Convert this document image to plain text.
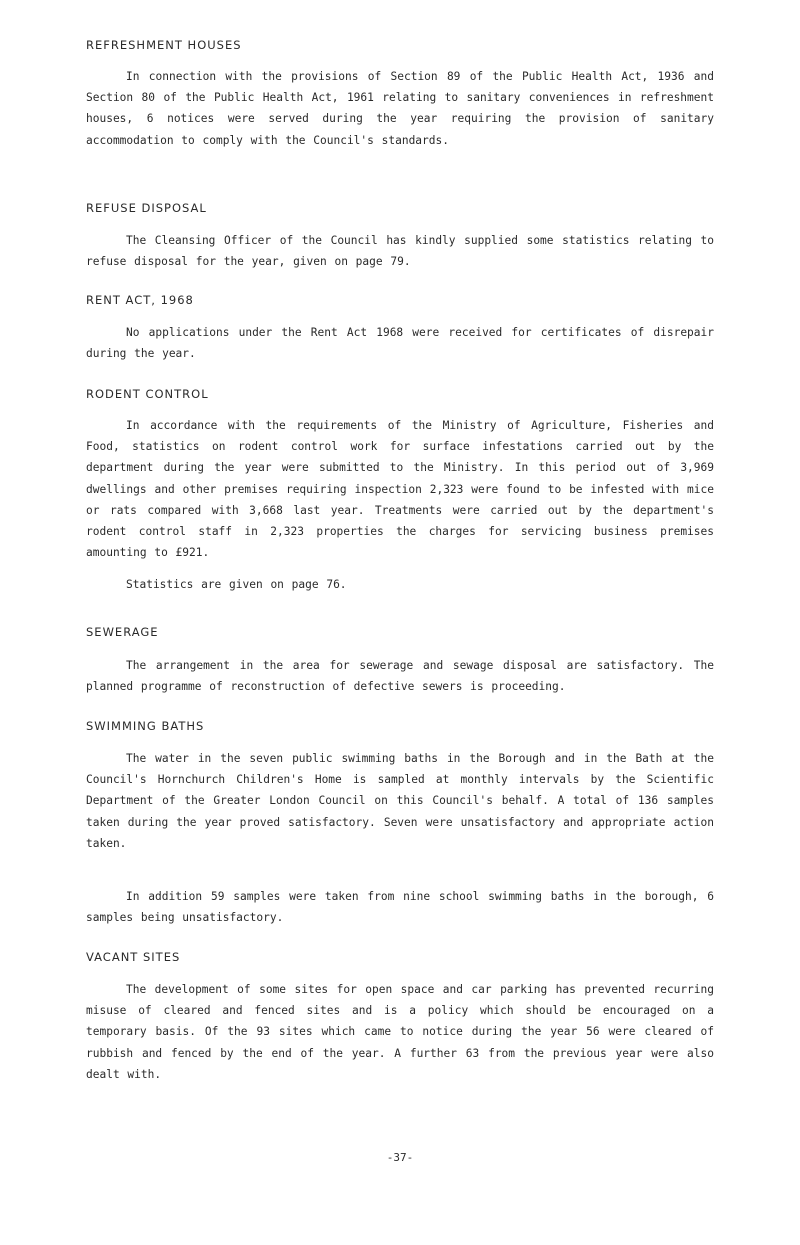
REFRESHMENT HOUSES

In connection with the provisions of Section 89 of the Public Health Act, 1936 and Section 80 of the Public Health Act, 1961 relating to sanitary conveniences in refreshment houses, 6 notices were served during the year requiring the provision of sanitary accommodation to comply with the Council's standards.

REFUSE DISPOSAL

The Cleansing Officer of the Council has kindly supplied some statistics relating to refuse disposal for the year, given on page 79.

RENT ACT, 1968

No applications under the Rent Act 1968 were received for certificates of disrepair during the year.

RODENT CONTROL

In accordance with the requirements of the Ministry of Agriculture, Fisheries and Food, statistics on rodent control work for surface infestations carried out by the department during the year were submitted to the Ministry. In this period out of 3,969 dwellings and other premises requiring inspection 2,323 were found to be infested with mice or rats compared with 3,668 last year. Treatments were carried out by the department's rodent control staff in 2,323 properties the charges for servicing business premises amounting to £921.

Statistics are given on page 76.

SEWERAGE

The arrangement in the area for sewerage and sewage disposal are satisfactory. The planned programme of reconstruction of defective sewers is proceeding.

SWIMMING BATHS

The water in the seven public swimming baths in the Borough and in the Bath at the Council's Hornchurch Children's Home is sampled at monthly intervals by the Scientific Department of the Greater London Council on this Council's behalf. A total of 136 samples taken during the year proved satisfactory. Seven were unsatisfactory and appropriate action taken.

In addition 59 samples were taken from nine school swimming baths in the borough, 6 samples being unsatisfactory.

VACANT SITES

The development of some sites for open space and car parking has prevented recurring misuse of cleared and fenced sites and is a policy which should be encouraged on a temporary basis. Of the 93 sites which came to notice during the year 56 were cleared of rubbish and fenced by the end of the year. A further 63 from the previous year were also dealt with.

-37-
